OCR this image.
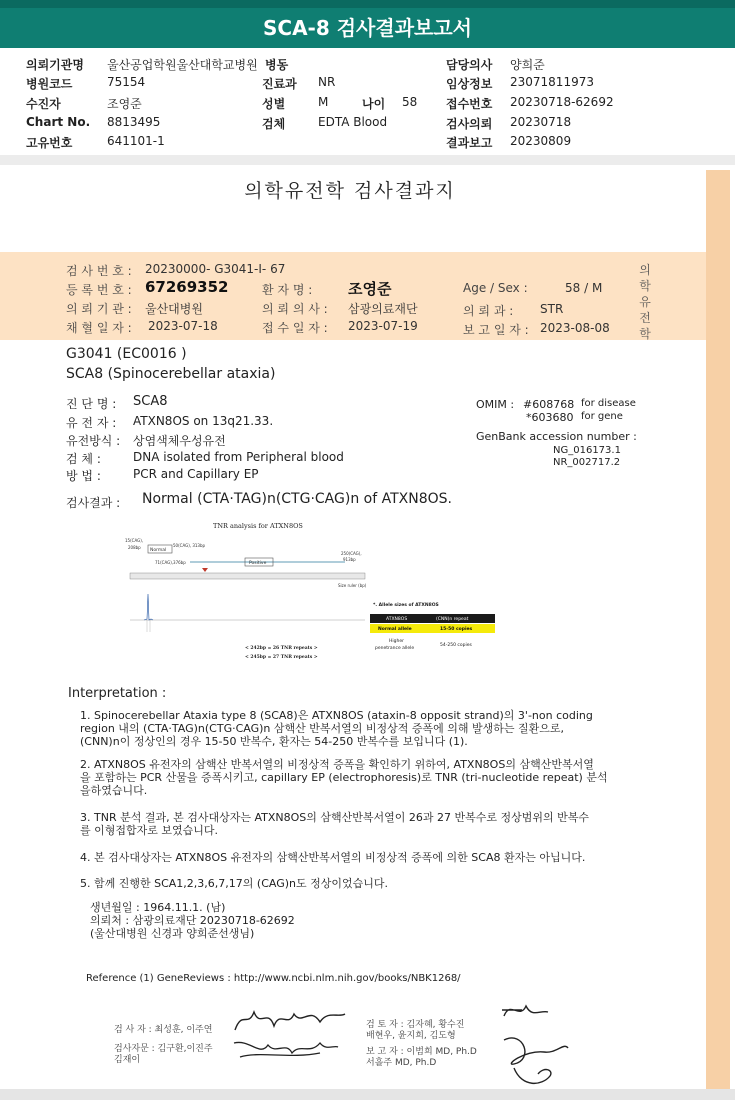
SCA-8 검사결과보고서
의뢰기관명 울산공업학원울산대학교병원 병동	담당의사 양희준
병원코드	75154	진료과 NR	임상정보 23071811973
수진자	조영준	성별	M	나이 58 접수번호 20230718-62692
Chart No. 8813495	검체	EDTA Blood	검사의뢰 20230718
고유번호	641101-1	결과보고 20230809
의학유전학 검사결과지
검 사 번 호 : 20230000- G3041-I- 67
등 록 번 호 : 67269352	환 자 명 : 조영준	Age / Sex :	58 / M
의 뢰 기 관 : 울산대병원	의 뢰 의 사 : 삼광의료재단	의 뢰 과 : STR
채 혈 일 자 : 2023-07-18	접 수 일 자 : 2023-07-19	보 고 일 자 : 2023-08-08
의학유전학
G3041 (EC0016 )
SCA8 (Spinocerebellar ataxia)
진 단 명 : SCA8
유 전 자 : ATXN8OS on 13q21.33.
유전방식 : 상염색체우성유전
검 체 :	DNA isolated from Peripheral blood
방 법 :	PCR and Capillary EP
OMIM : #608768 for disease
*603680 for gene
GenBank accession number :
NG_016173.1
NR_002717.2
검사결과 : Normal (CTA·TAG)n(CTG·CAG)n of ATXN8OS.
TNR analysis for ATXN8OS
15(CAG),
208bp
Normal
50(CAG), 313bp
71(CAG),376bp	Positive
250(CAG),
913bp
Size ruler (bp)
< 242bp = 26 TNR repeats >
< 245bp = 27 TNR repeats >
*. Allele sizes of ATXN8OS
ATXN8OS	(CNN)n repeat
Normal allele	15-50 copies
Higher
penetrance allele
54-250 copies
Interpretation :
1. Spinocerebellar Ataxia type 8 (SCA8)은 ATXN8OS (ataxin-8 opposit strand)의 3'-non coding
region 내의 (CTA·TAG)n(CTG·CAG)n 삼핵산 반복서열의 비정상적 증폭에 의해 발생하는 질환으로,
(CNN)n이 정상인의 경우 15-50 반복수, 환자는 54-250 반복수를 보입니다 (1).
2. ATXN8OS 유전자의 삼핵산 반복서열의 비정상적 증폭을 확인하기 위하여, ATXN8OS의 삼핵산반복서열
을 포함하는 PCR 산물을 증폭시키고, capillary EP (electrophoresis)로 TNR (tri-nucleotide repeat) 분석
을하였습니다.
3. TNR 분석 결과, 본 검사대상자는 ATXN8OS의 삼핵산반복서열이 26과 27 반복수로 정상범위의 반복수
를 이형접합자로 보였습니다.
4. 본 검사대상자는 ATXN8OS 유전자의 삼핵산반복서열의 비정상적 증폭에 의한 SCA8 환자는 아닙니다.
5. 함께 진행한 SCA1,2,3,6,7,17의 (CAG)n도 정상이었습니다.
생년월일 : 1964.11.1. (남)
의뢰처 : 삼광의료재단 20230718-62692
(울산대병원 신경과 양희준선생님)
Reference (1) GeneReviews : http://www.ncbi.nlm.nih.gov/books/NBK1268/
검 사 자 : 최성훈, 이주연
검사자문 : 김구환,이진주
김재이
검 토 자 : 김자혜, 황수진
배현우, 윤지희, 김도형
보 고 자 : 이범희 MD, Ph.D
서흘주 MD, Ph.D
